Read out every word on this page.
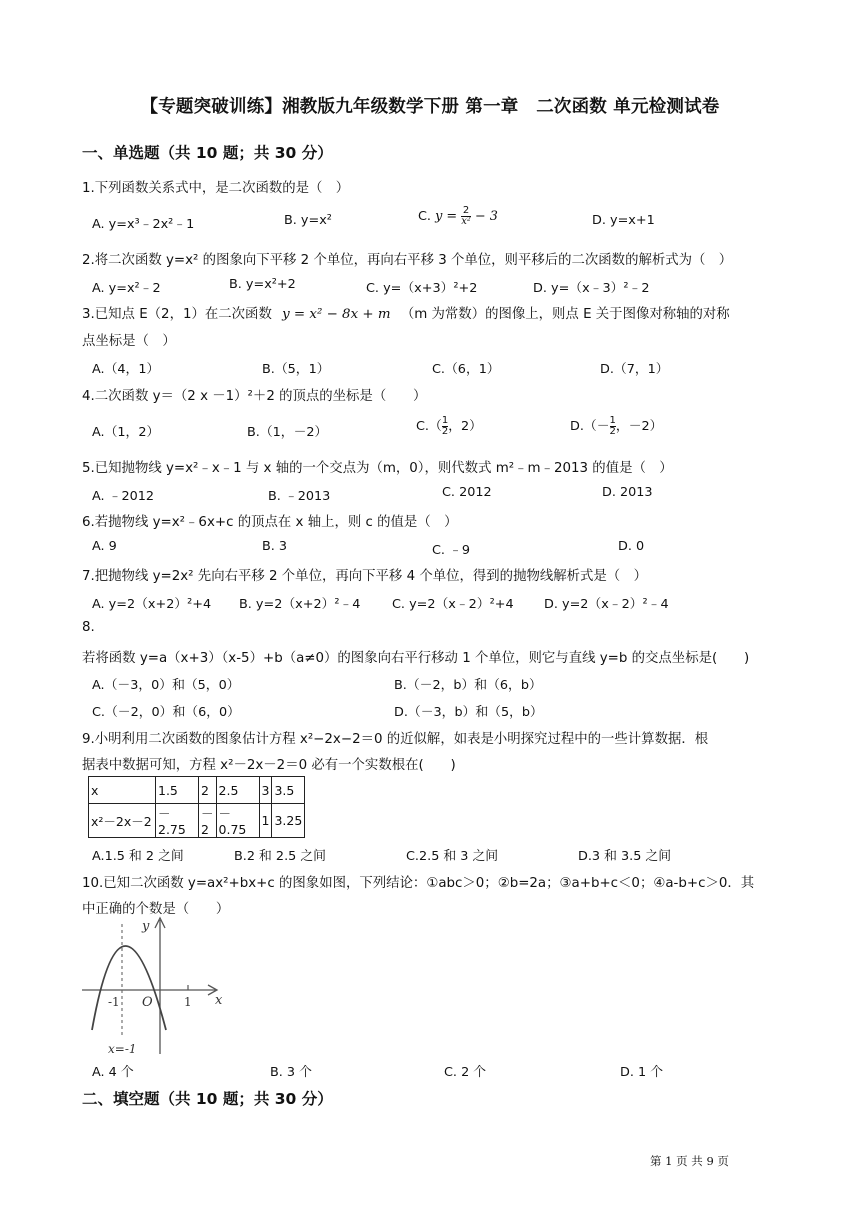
【专题突破训练】湘教版九年级数学下册 第一章　二次函数 单元检测试卷
一、单选题（共 10 题；共 30 分）
1.下列函数关系式中，是二次函数的是（　）
A. y=x³﹣2x²﹣1	B. y=x²	C. $y = \frac{2}{\text{x²}} - 3$	D. y=x+1
2.将二次函数 y=x² 的图象向下平移 2 个单位，再向右平移 3 个单位，则平移后的二次函数的解析式为（　）
A. y=x²﹣2	B. y=x²+2	C. y=（x+3）²+2	D. y=（x﹣3）²﹣2
3.已知点 E（2，1）在二次函数 y = x² − 8x + m （m 为常数）的图像上，则点 E 关于图像对称轴的对称
点坐标是（　）
A.（4，1）	B.（5，1）	C.（6，1）	D.（7，1）
4.二次函数 y＝（2 x －1）²＋2 的顶点的坐标是（　　）
A.（1，2）	B.（1，－2）	$C.( \frac{1}{2}$ ，2）	$D.(- \frac{1}{2}$ ，－2）
5.已知抛物线 y=x²﹣x﹣1 与 x 轴的一个交点为（m，0），则代数式 m²﹣m﹣2013 的值是（　）
A. ﹣2012	B. ﹣2013	C. 2012	D. 2013
6.若抛物线 y=x²﹣6x+c 的顶点在 x 轴上，则 c 的值是（　）
A. 9	B. 3	C. ﹣9	D. 0
7.把抛物线 y=2x² 先向右平移 2 个单位，再向下平移 4 个单位，得到的抛物线解析式是（　）
A. y=2（x+2）²+4 B. y=2（x+2）²﹣4 C. y=2（x﹣2）²+4 D. y=2（x﹣2）²﹣4
8.
若将函数 y=a（x+3）（x-5）+b（a≠0）的图象向右平行移动 1 个单位，则它与直线 y=b 的交点坐标是(　　)
A.（－3，0）和（5，0）	B.（－2，b）和（6，b）
C.（－2，0）和（6，0）	D.（－3，b）和（5，b）
9.小明利用二次函数的图象估计方程 x²−2x−2＝0 的近似解，如表是小明探究过程中的一些计算数据．根
据表中数据可知，方程 x²－2x－2＝0 必有一个实数根在(　　)
x	1.5	2	2.5	3	3.5
x²－2x－2	－2.75	－2	－0.75	1	3.25
A.1.5 和 2 之间	B.2 和 2.5 之间	C.2.5 和 3 之间	D.3 和 3.5 之间
10.已知二次函数 y=ax²+bx+c 的图象如图，下列结论：①abc＞0；②b=2a；③a+b+c＜0；④a-b+c＞0．其
中正确的个数是（　　）
y
x
-1 O	1
x=-1
A. 4 个	B. 3 个	C. 2 个	D. 1 个
二、填空题（共 10 题；共 30 分）
第 1 页 共 9 页
